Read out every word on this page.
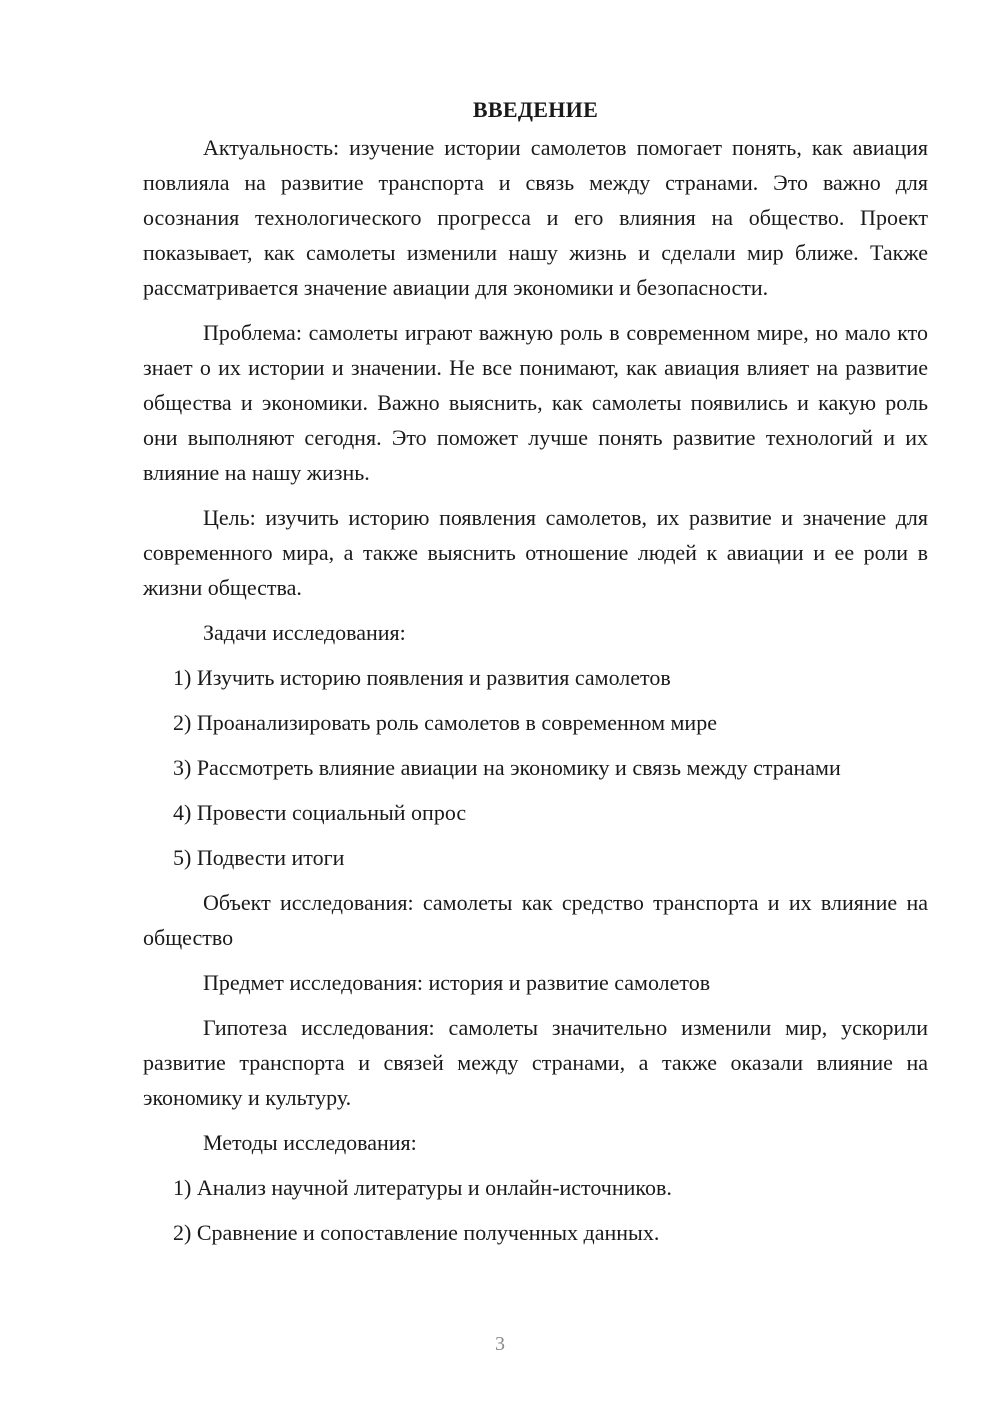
ВВЕДЕНИЕ

Актуальность: изучение истории самолетов помогает понять, как авиация повлияла на развитие транспорта и связь между странами. Это важно для осознания технологического прогресса и его влияния на общество. Проект показывает, как самолеты изменили нашу жизнь и сделали мир ближе. Также рассматривается значение авиации для экономики и безопасности.

Проблема: самолеты играют важную роль в современном мире, но мало кто знает о их истории и значении. Не все понимают, как авиация влияет на развитие общества и экономики. Важно выяснить, как самолеты появились и какую роль они выполняют сегодня. Это поможет лучше понять развитие технологий и их влияние на нашу жизнь.

Цель: изучить историю появления самолетов, их развитие и значение для современного мира, а также выяснить отношение людей к авиации и ее роли в жизни общества.

Задачи исследования:

1) Изучить историю появления и развития самолетов
2) Проанализировать роль самолетов в современном мире
3) Рассмотреть влияние авиации на экономику и связь между странами
4) Провести социальный опрос
5) Подвести итоги

Объект исследования: самолеты как средство транспорта и их влияние на общество

Предмет исследования: история и развитие самолетов

Гипотеза исследования: самолеты значительно изменили мир, ускорили развитие транспорта и связей между странами, а также оказали влияние на экономику и культуру.

Методы исследования:

1) Анализ научной литературы и онлайн-источников.
2) Сравнение и сопоставление полученных данных.
3
